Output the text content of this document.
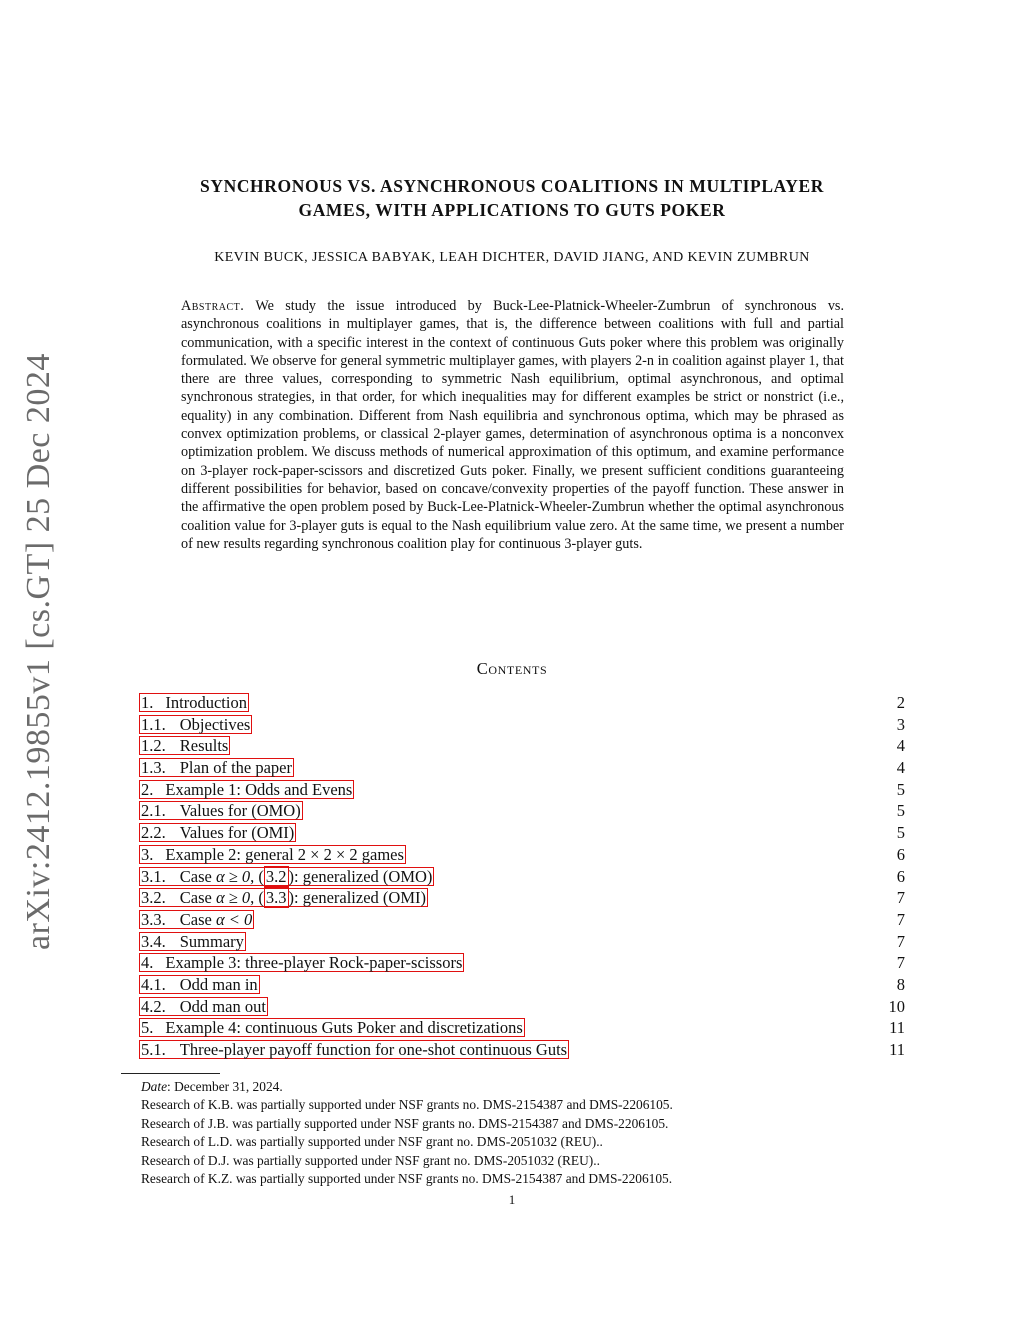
arXiv:2412.19855v1 [cs.GT] 25 Dec 2024
SYNCHRONOUS VS. ASYNCHRONOUS COALITIONS IN MULTIPLAYER
GAMES, WITH APPLICATIONS TO GUTS POKER
KEVIN BUCK, JESSICA BABYAK, LEAH DICHTER, DAVID JIANG, AND KEVIN ZUMBRUN
Abstract. We study the issue introduced by Buck-Lee-Platnick-Wheeler-Zumbrun of synchronous vs. asynchronous coalitions in multiplayer games, that is, the difference between coalitions with full and partial communication, with a specific interest in the context of continuous Guts poker where this problem was originally formulated. We observe for general symmetric multiplayer games, with players 2-n in coalition against player 1, that there are three values, corresponding to symmetric Nash equilibrium, optimal asynchronous, and optimal synchronous strategies, in that order, for which inequalities may for different examples be strict or nonstrict (i.e., equality) in any combination. Different from Nash equilibria and synchronous optima, which may be phrased as convex optimization problems, or classical 2-player games, determination of asynchronous optima is a nonconvex optimization problem. We discuss methods of numerical approximation of this optimum, and examine performance on 3-player rock-paper-scissors and discretized Guts poker. Finally, we present sufficient conditions guaranteeing different possibilities for behavior, based on concave/convexity properties of the payoff function. These answer in the affirmative the open problem posed by Buck-Lee-Platnick-Wheeler-Zumbrun whether the optimal asynchronous coalition value for 3-player guts is equal to the Nash equilibrium value zero. At the same time, we present a number of new results regarding synchronous coalition play for continuous 3-player guts.
Contents
1. Introduction	2
1.1. Objectives	3
1.2. Results	4
1.3. Plan of the paper	4
2. Example 1: Odds and Evens	5
2.1. Values for (OMO)	5
2.2. Values for (OMI)	5
3. Example 2: general 2 × 2 × 2 games	6
3.1. Case α ≥ 0, ( 3.2 ): generalized (OMO)	6
3.2. Case α ≥ 0, ( 3.3 ): generalized (OMI)	7
3.3. Case α < 0	7
3.4. Summary	7
4. Example 3: three-player Rock-paper-scissors	7
4.1. Odd man in	8
4.2. Odd man out	10
5. Example 4: continuous Guts Poker and discretizations	11
5.1. Three-player payoff function for one-shot continuous Guts	11
Date: December 31, 2024.
Research of K.B. was partially supported under NSF grants no. DMS-2154387 and DMS-2206105.
Research of J.B. was partially supported under NSF grants no. DMS-2154387 and DMS-2206105.
Research of L.D. was partially supported under NSF grant no. DMS-2051032 (REU)..
Research of D.J. was partially supported under NSF grant no. DMS-2051032 (REU)..
Research of K.Z. was partially supported under NSF grants no. DMS-2154387 and DMS-2206105.
1
